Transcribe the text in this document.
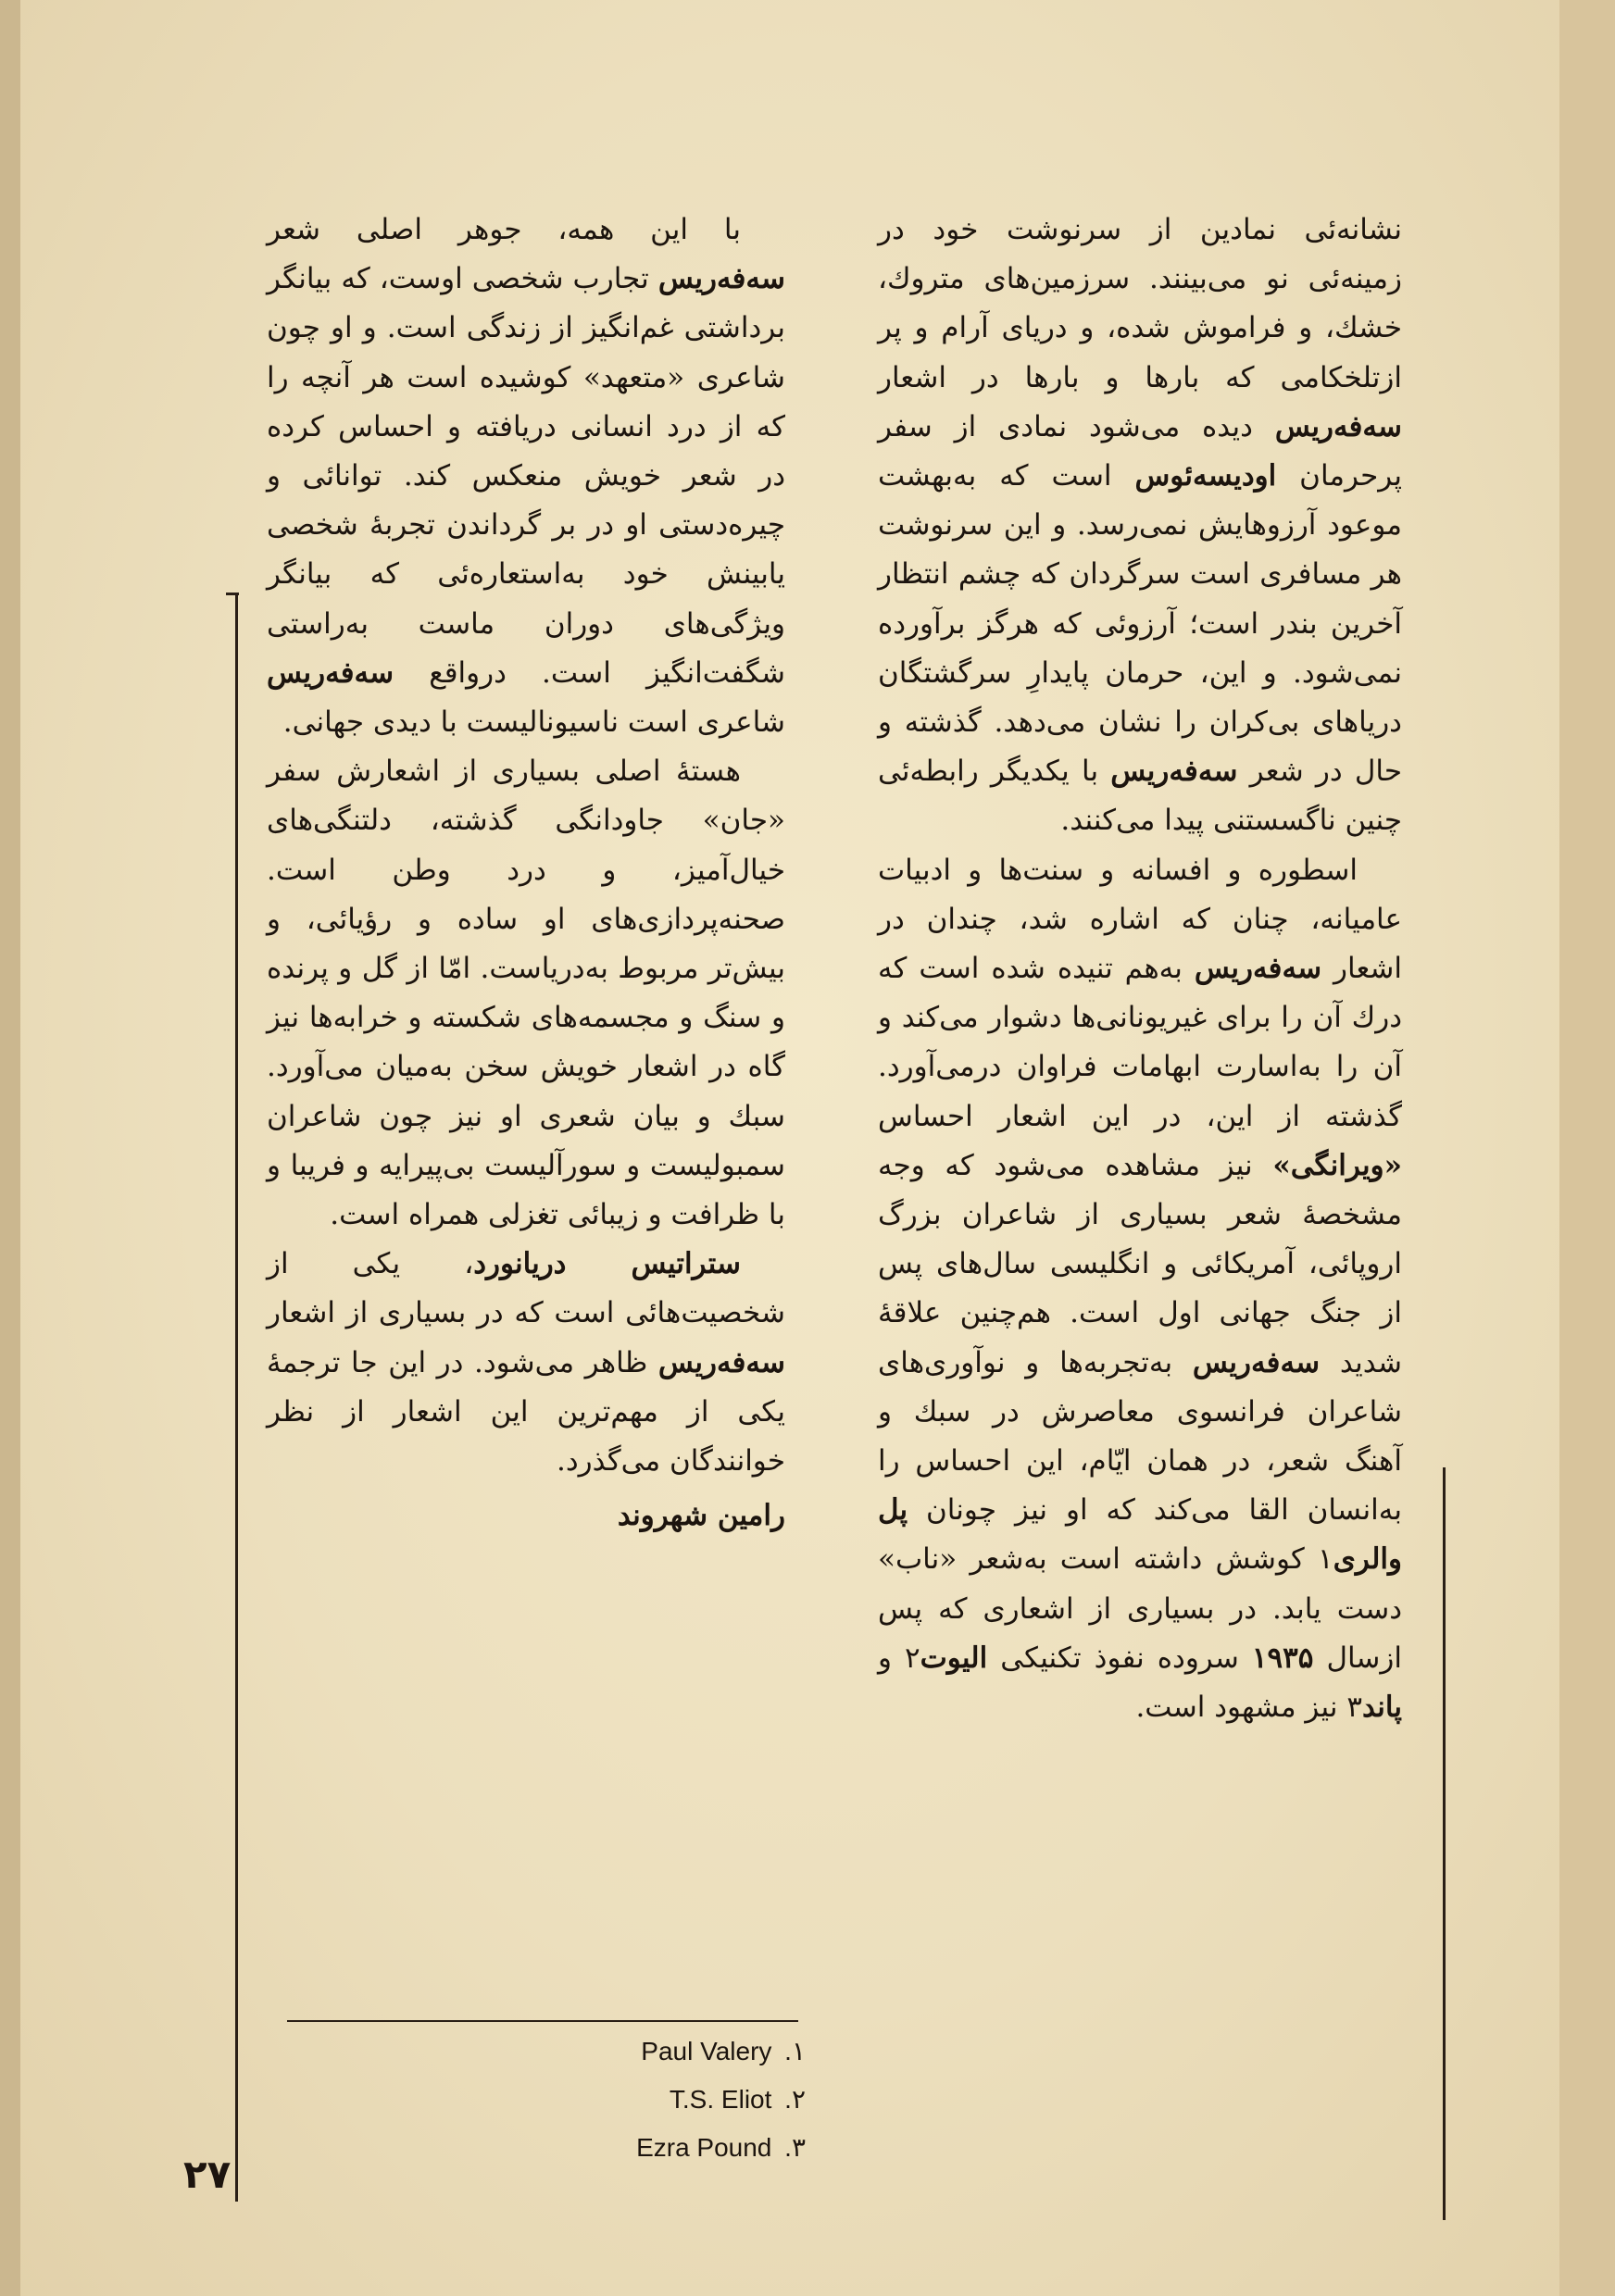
نشانه‌ئی نمادین از سرنوشت خود در زمینه‌ئی نو می‌بینند. سرزمین‌های متروك، خشك، و فراموش شده، و دریای آرام و پر ازتلخکامی که بارها و بارها در اشعار سه‌فه‌ریس دیده می‌شود نمادی از سفر پرحرمان اودیسه‌ئوس است که به‌بهشت موعود آرزوهایش نمی‌رسد. و این سرنوشت هر مسافری است سرگردان که چشم انتظار آخرین بندر است؛ آرزوئی که هرگز برآورده نمی‌شود. و این، حرمان پایدارِ سرگشتگان دریاهای بی‌کران را نشان می‌دهد. گذشته و حال در شعر سه‌فه‌ریس با یکدیگر رابطه‌ئی چنین ناگسستنی پیدا می‌کنند.

اسطوره و افسانه و سنت‌ها و ادبیات عامیانه، چنان که اشاره شد، چندان در اشعار سه‌فه‌ریس به‌هم تنیده شده است که درك آن را برای غیریونانی‌ها دشوار می‌کند و آن را به‌اسارت ابهامات فراوان درمی‌آورد. گذشته از این، در این اشعار احساس «ویرانگی» نیز مشاهده می‌شود که وجه مشخصهٔ شعر بسیاری از شاعران بزرگ اروپائی، آمریکائی و انگلیسی سال‌های پس از جنگ جهانی اول است. هم‌چنین علاقهٔ شدید سه‌فه‌ریس به‌تجربه‌ها و نوآوری‌های شاعران فرانسوی معاصرش در سبك و آهنگ شعر، در همان ایّام، این احساس را به‌انسان القا می‌کند که او نیز چونان پل والری۱ کوشش داشته است به‌شعر «ناب» دست یابد. در بسیاری از اشعاری که پس ازسال ۱۹۳۵ سروده نفوذ تکنیکی الیوت۲ و پاند۳ نیز مشهود است.

با این همه، جوهر اصلی شعر سه‌فه‌ریس تجارب شخصی اوست، که بیانگر برداشتی غم‌انگیز از زندگی است. و او چون شاعری «متعهد» کوشیده است هر آنچه را که از درد انسانی دریافته و احساس کرده در شعر خویش منعکس کند. توانائی و چیره‌دستی او در بر گرداندن تجربهٔ شخصی یابینش خود به‌استعاره‌ئی که بیانگر ویژگی‌های دوران ماست به‌راستی شگفت‌انگیز است. درواقع سه‌فه‌ریس شاعری است ناسیونالیست با دیدی جهانی.

هستهٔ اصلی بسیاری از اشعارش سفر «جان» جاودانگی گذشته، دلتنگی‌های خیال‌آمیز، و درد وطن است. صحنه‌پردازی‌های او ساده و رؤیائی، و بیش‌تر مربوط به‌دریاست. امّا از گل و پرنده و سنگ و مجسمه‌های شکسته و خرابه‌ها نیز گاه در اشعار خویش سخن به‌میان می‌آورد. سبك و بیان شعری او نیز چون شاعران سمبولیست و سورآلیست بی‌پیرایه و فریبا و با ظرافت و زیبائی تغزلی همراه است.

ستراتیس دریانورد، یکی از شخصیت‌هائی است که در بسیاری از اشعار سه‌فه‌ریس ظاهر می‌شود. در این جا ترجمهٔ یکی از مهم‌ترین این اشعار از نظر خوانندگان می‌گذرد.

رامین شهروند

Paul Valery .۱
T.S. Eliot .۲
Ezra Pound .۳
۲۷
